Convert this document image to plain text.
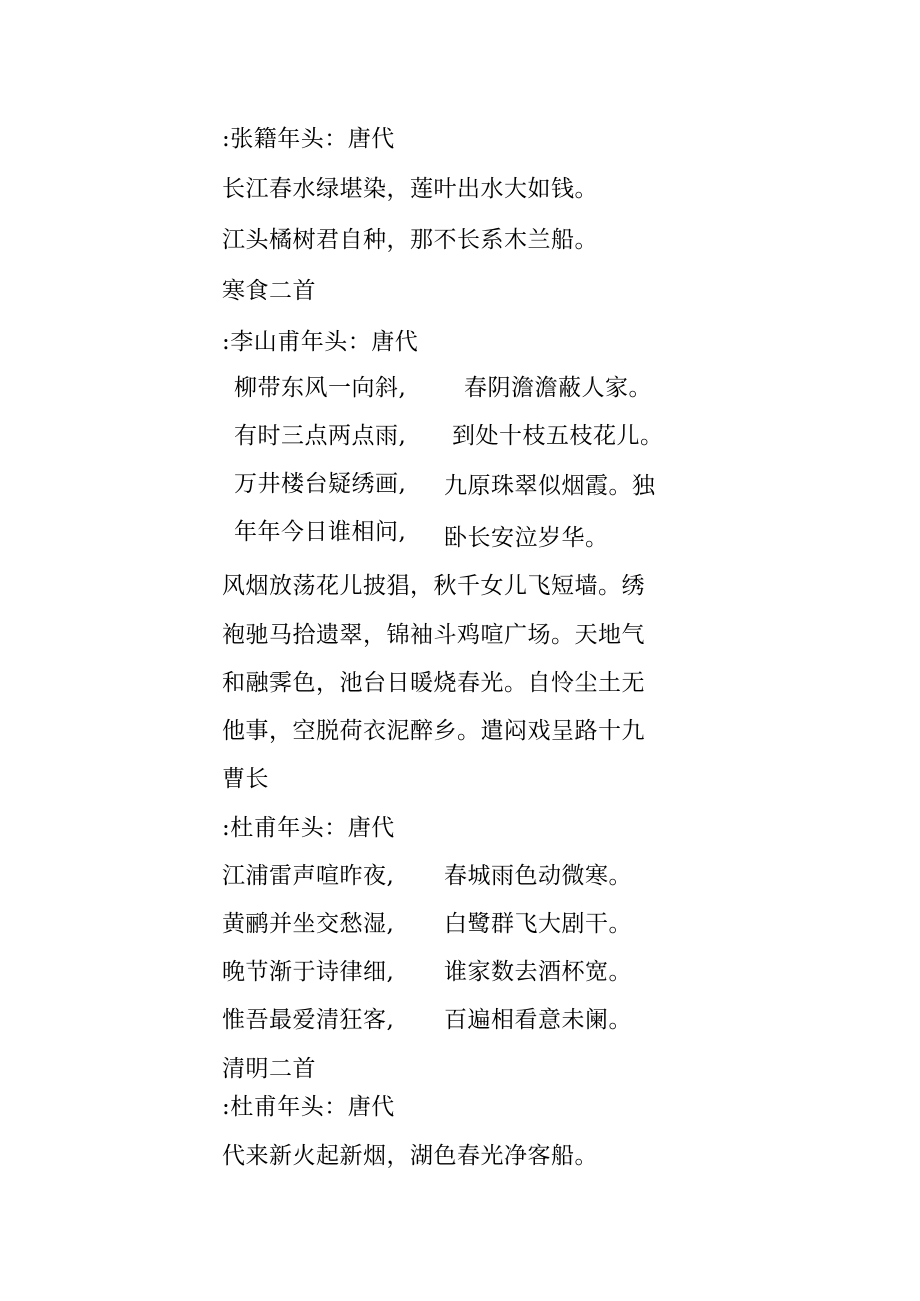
:张籍年头：唐代
长江春水绿堪染，莲叶出水大如钱。
江头橘树君自种，那不长系木兰船。
寒食二首
:李山甫年头：唐代
柳带东风一向斜,	春阴澹澹蔽人家。
有时三点两点雨, 到处十枝五枝花儿。
万井楼台疑绣画, 九原珠翠似烟霞。独
年年今日谁相问, 卧长安泣岁华。
风烟放荡花儿披猖，秋千女儿飞短墙。绣
袍驰马拾遗翠，锦袖斗鸡喧广场。天地气
和融霁色，池台日暖烧春光。自怜尘土无
他事，空脱荷衣泥醉乡。遣闷戏呈路十九
曹长
:杜甫年头：唐代
江浦雷声喧昨夜, 春城雨色动微寒。
黄鹂并坐交愁湿, 白鹭群飞大剧干。
晚节渐于诗律细, 谁家数去酒杯宽。
惟吾最爱清狂客, 百遍相看意未阑。
清明二首
:杜甫年头：唐代
代来新火起新烟，湖色春光净客船。
